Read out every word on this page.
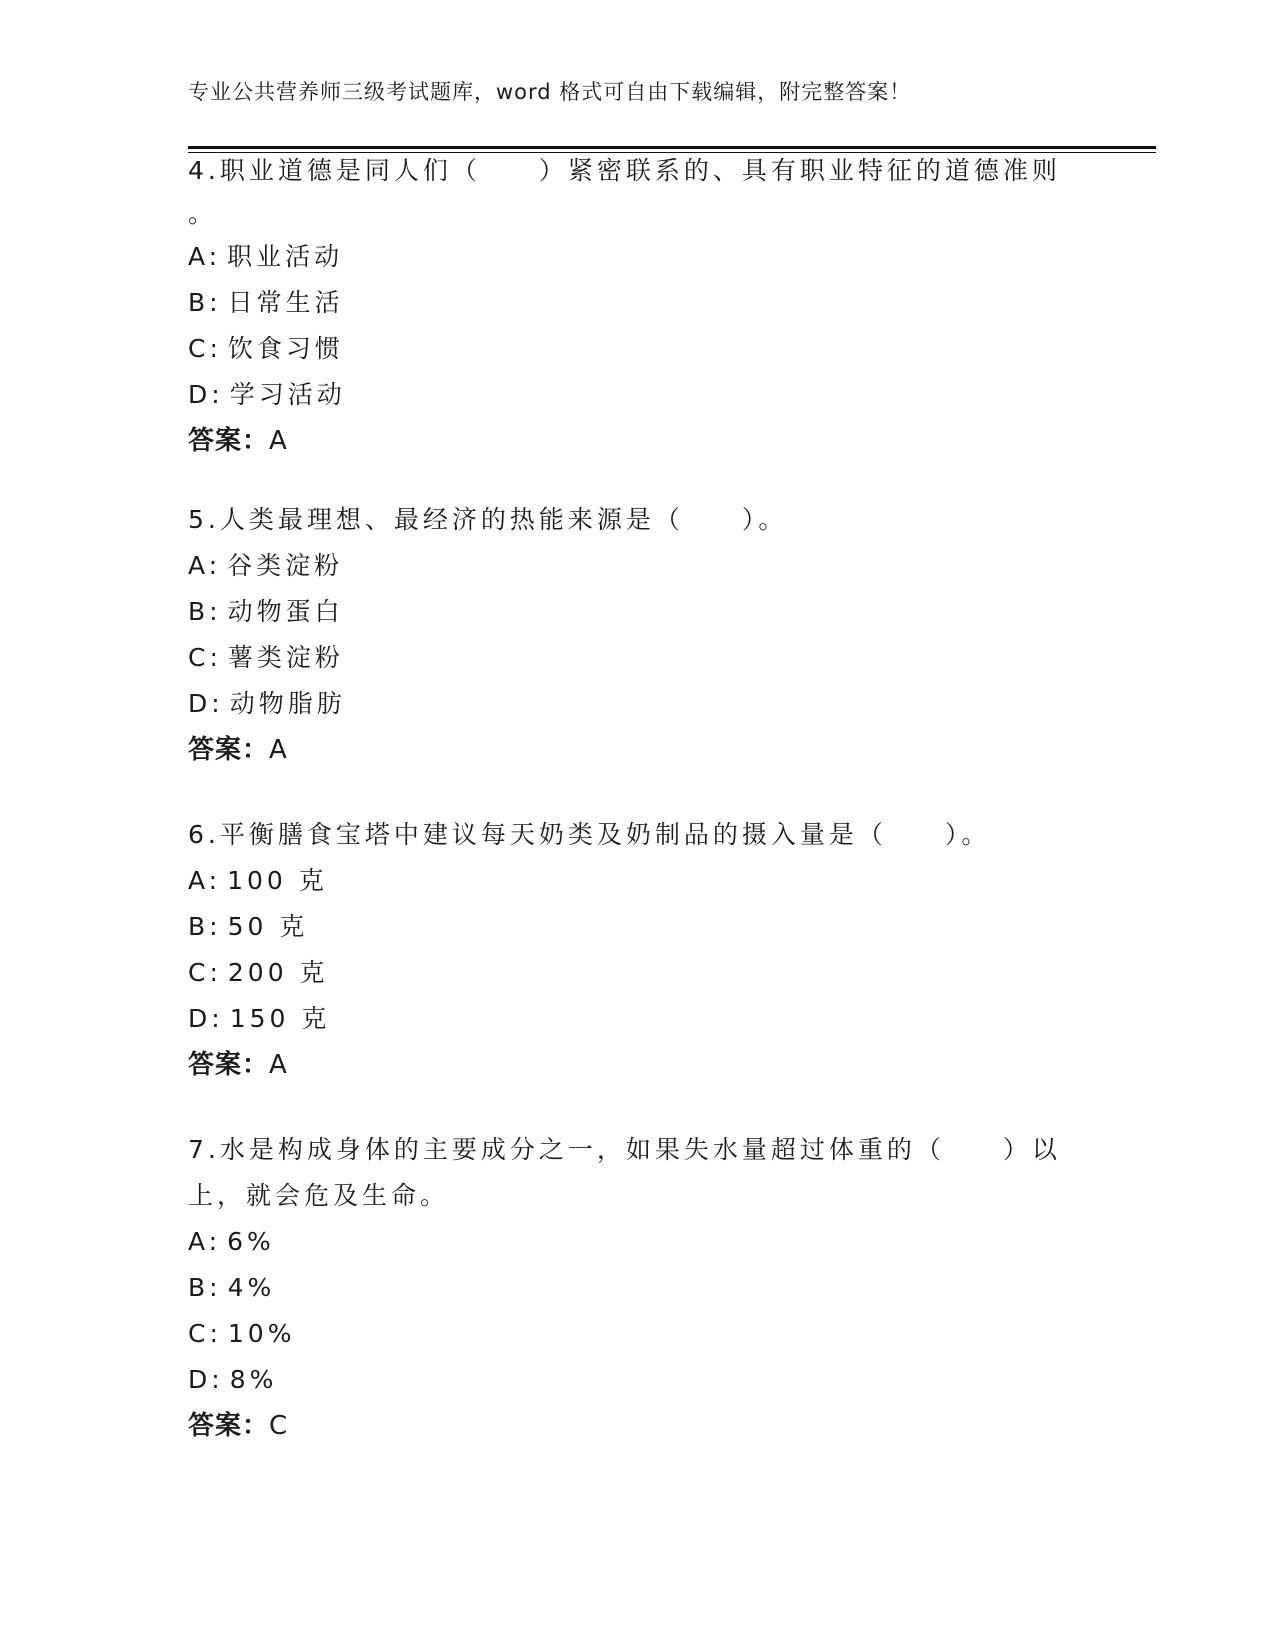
专业公共营养师三级考试题库，word 格式可自由下载编辑，附完整答案！
4.职业道德是同人们（　　）紧密联系的、具有职业特征的道德准则
。
A: 职业活动
B: 日常生活
C: 饮食习惯
D: 学习活动
答案：A
5.人类最理想、最经济的热能来源是（　　）。
A: 谷类淀粉
B: 动物蛋白
C: 薯类淀粉
D: 动物脂肪
答案：A
6.平衡膳食宝塔中建议每天奶类及奶制品的摄入量是（　　）。
A: 100 克
B: 50 克
C: 200 克
D: 150 克
答案：A
7.水是构成身体的主要成分之一，如果失水量超过体重的（　　）以
上，就会危及生命。
A: 6%
B: 4%
C: 10%
D: 8%
答案：C
